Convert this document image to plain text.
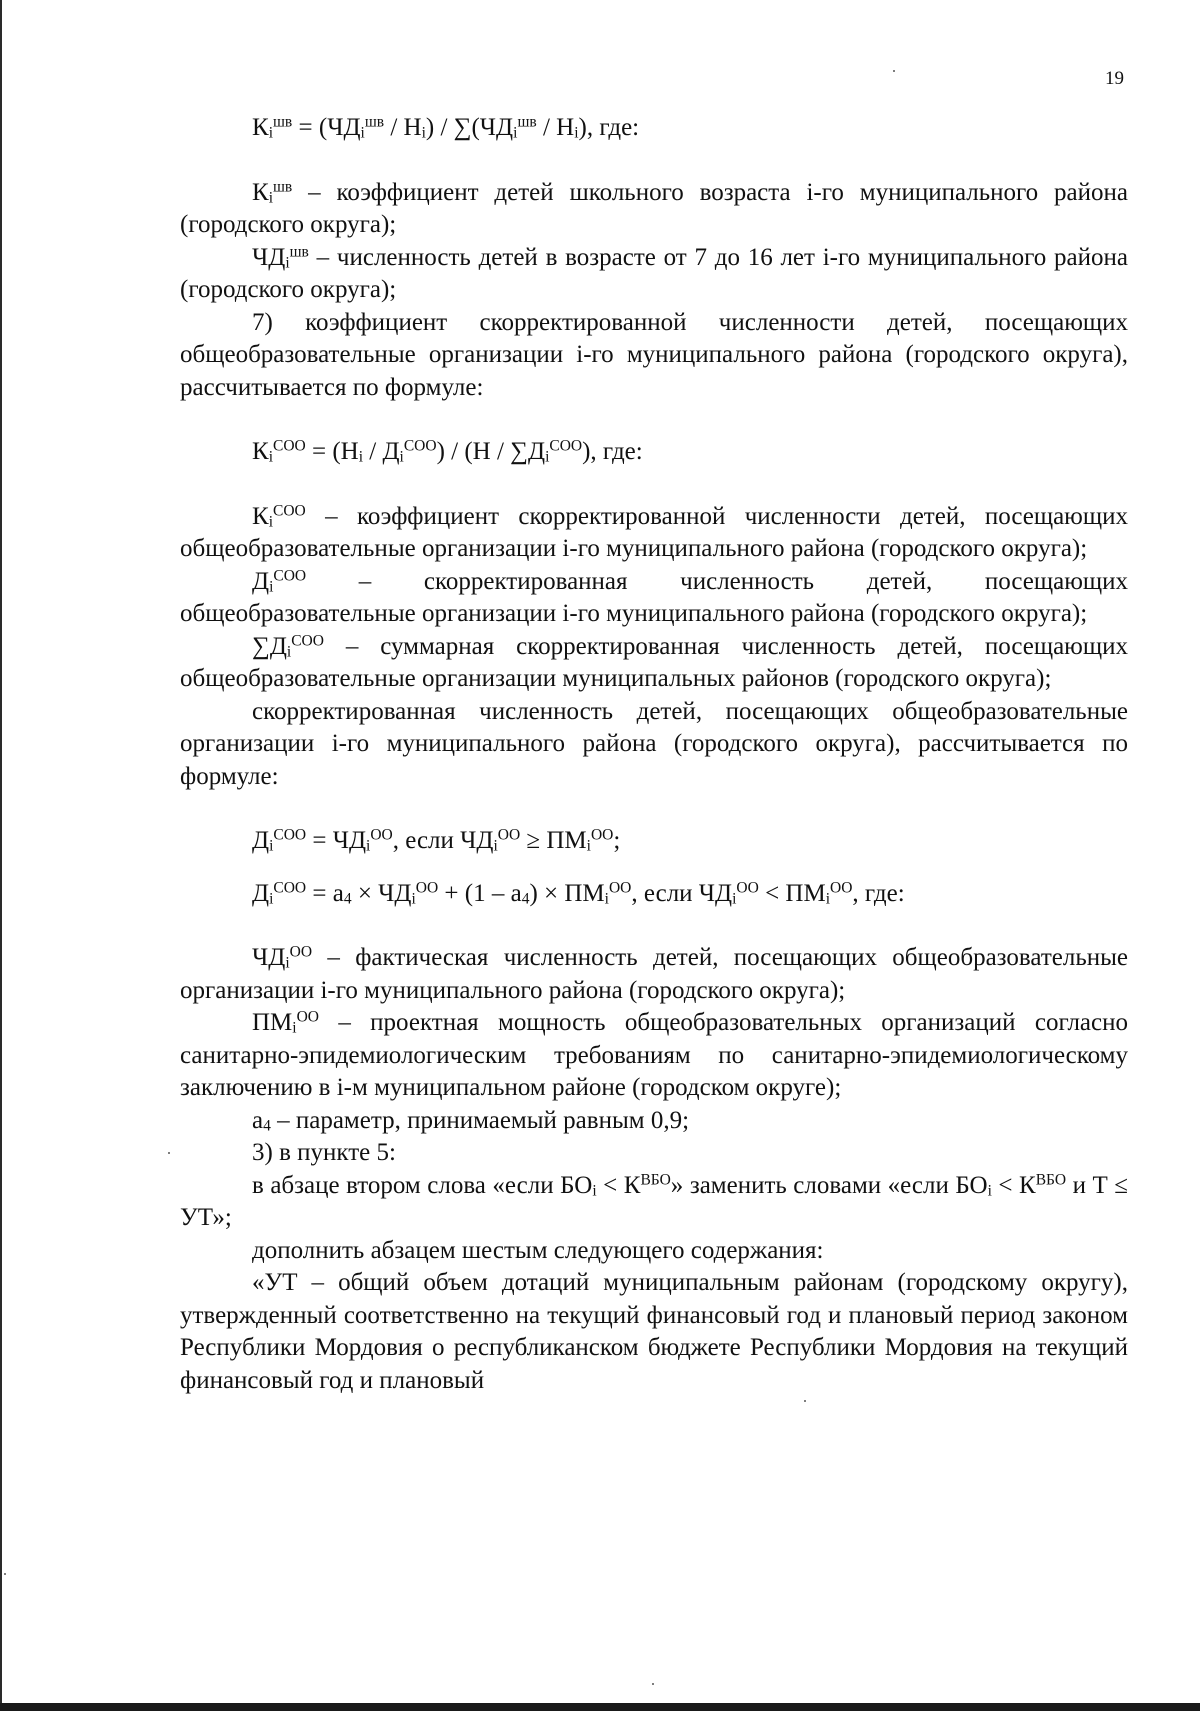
19

$К_i^{шв} = (ЧД_i^{шв} / Н_i) / \sum(ЧД_i^{шв} / Н_i)$, где:

$К_i^{шв}$ – коэффициент детей школьного возраста i-го муниципального района (городского округа);

$ЧД_i^{шв}$ – численность детей в возрасте от 7 до 16 лет i-го муниципального района (городского округа);

7) коэффициент скорректированной численности детей, посещающих общеобразовательные организации i-го муниципального района (городского округа), рассчитывается по формуле:

$К_i^{СОО} = (Н_i / Д_i^{СОО}) / (Н / \sum Д_i^{СОО})$, где:

$К_i^{СОО}$ – коэффициент скорректированной численности детей, посещающих общеобразовательные организации i-го муниципального района (городского округа);

$Д_i^{СОО}$ – скорректированная численность детей, посещающих общеобразовательные организации i-го муниципального района (городского округа);

$\sum Д_i^{СОО}$ – суммарная скорректированная численность детей, посещающих общеобразовательные организации муниципальных районов (городского округа);

скорректированная численность детей, посещающих общеобразовательные организации i-го муниципального района (городского округа), рассчитывается по формуле:

$Д_i^{СОО} = ЧД_i^{ОО}$, если $ЧД_i^{ОО} \ge ПМ_i^{ОО}$;

$Д_i^{СОО} = а_4 \times ЧД_i^{ОО} + (1 - а_4) \times ПМ_i^{ОО}$, если $ЧД_i^{ОО} < ПМ_i^{ОО}$, где:

$ЧД_i^{ОО}$ – фактическая численность детей, посещающих общеобразовательные организации i-го муниципального района (городского округа);

$ПМ_i^{ОО}$ – проектная мощность общеобразовательных организаций согласно санитарно-эпидемиологическим требованиям по санитарно-эпидемиологическому заключению в i-м муниципальном районе (городском округе);

$а_4$ – параметр, принимаемый равным 0,9;

3) в пункте 5:

в абзаце втором слова «если $БО_i < К^{ВБО}$» заменить словами «если $БО_i < К^{ВБО}$ и Т ≤ УТ»;

дополнить абзацем шестым следующего содержания:

«УТ – общий объем дотаций муниципальным районам (городскому округу), утвержденный соответственно на текущий финансовый год и плановый период законом Республики Мордовия о республиканском бюджете Республики Мордовия на текущий финансовый год и плановый
